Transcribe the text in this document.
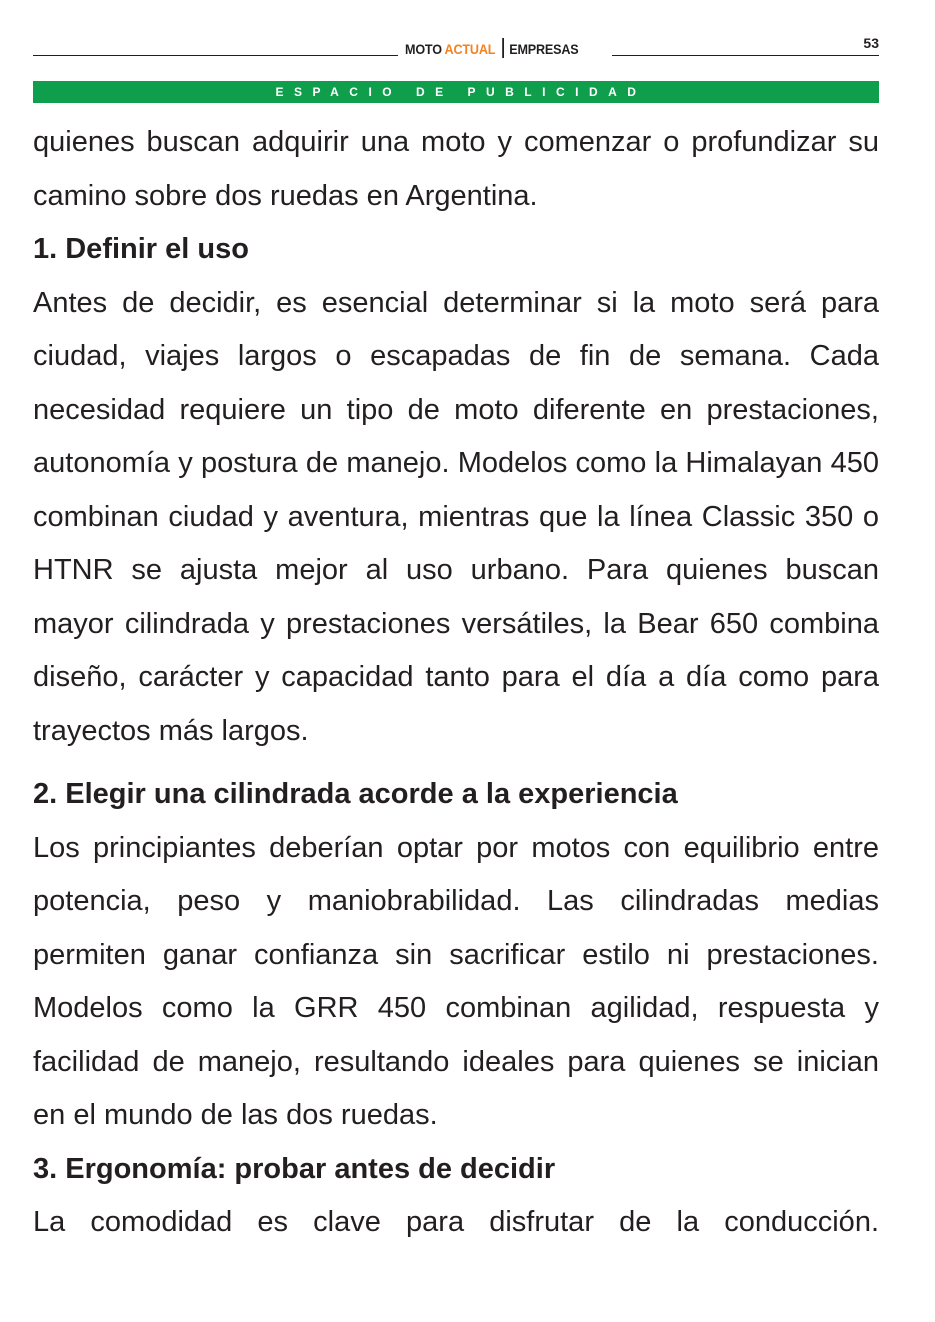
MOTO ACTUAL EMPRESAS	53
ESPACIO DE PUBLICIDAD

quienes buscan adquirir una moto y comenzar o profundizar su camino sobre dos ruedas en Argentina.

1. Definir el uso

Antes de decidir, es esencial determinar si la moto será para ciudad, viajes largos o escapadas de fin de semana. Cada necesidad requiere un tipo de moto diferente en prestaciones, autonomía y postura de manejo. Modelos como la Himalayan 450 combinan ciudad y aventura, mientras que la línea Classic 350 o HTNR se ajusta mejor al uso urbano. Para quienes buscan mayor cilindrada y prestaciones versátiles, la Bear 650 combina diseño, carácter y capacidad tanto para el día a día como para trayectos más largos.

2. Elegir una cilindrada acorde a la experiencia

Los principiantes deberían optar por motos con equilibrio entre potencia, peso y maniobrabilidad. Las cilindradas medias permiten ganar confianza sin sacrificar estilo ni prestaciones. Modelos como la GRR 450 combinan agilidad, respuesta y facilidad de manejo, resultando ideales para quienes se inician en el mundo de las dos ruedas.

3. Ergonomía: probar antes de decidir

La comodidad es clave para disfrutar de la conducción.
